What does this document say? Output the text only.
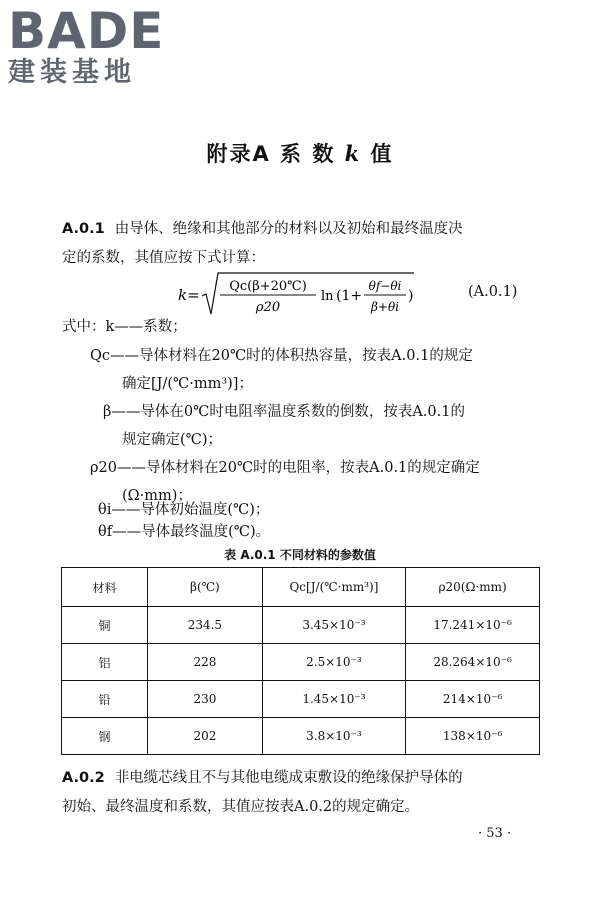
BADE
建装基地
附录A 系 数 k 值
A.0.1 由导体、绝缘和其他部分的材料以及初始和最终温度决
定的系数，其值应按下式计算：
k= Qc(β+20℃)
ρ20
ln (1+
θf−θi
β+θi
)	(A.0.1)
式中：k——系数；
Qc——导体材料在20℃时的体积热容量，按表A.0.1的规定
确定[J/(℃·mm³)]；
β——导体在0℃时电阻率温度系数的倒数，按表A.0.1的
规定确定(℃)；
ρ20——导体材料在20℃时的电阻率，按表A.0.1的规定确定
(Ω·mm)；
θi——导体初始温度(℃)；
θf——导体最终温度(℃)。
表 A.0.1 不同材料的参数值
材料	β(℃)	Qc[J/(℃·mm³)]	ρ20(Ω·mm)
铜	234.5	3.45×10⁻³	17.241×10⁻⁶
铝	228	2.5×10⁻³	28.264×10⁻⁶
铅	230	1.45×10⁻³	214×10⁻⁶
钢	202	3.8×10⁻³	138×10⁻⁶
A.0.2 非电缆芯线且不与其他电缆成束敷设的绝缘保护导体的
初始、最终温度和系数，其值应按表A.0.2的规定确定。
· 53 ·
